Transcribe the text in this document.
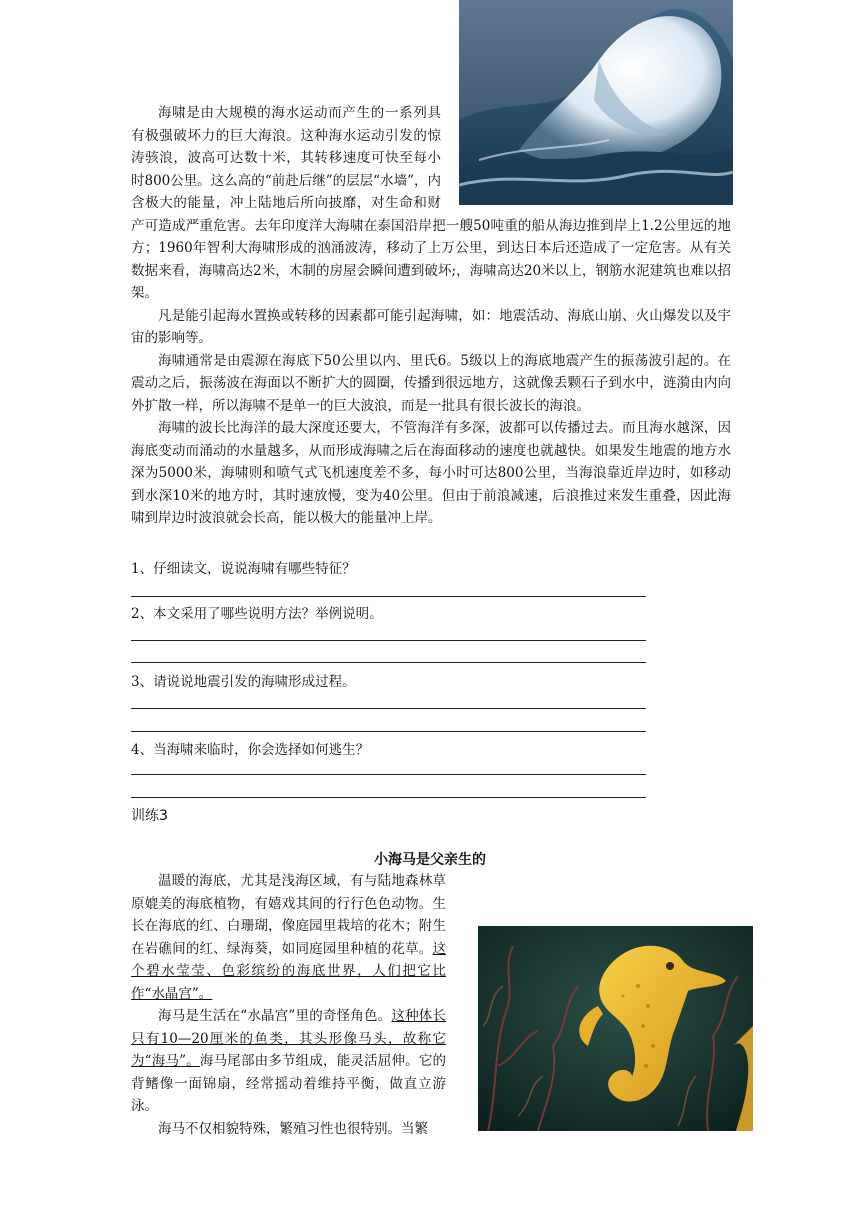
海啸是由大规模的海水运动而产生的一系列具有极强破坏力的巨大海浪。这种海水运动引发的惊涛骇浪，波高可达数十米，其转移速度可快至每小时800公里。这么高的“前赴后继”的层层“水墙”，内含极大的能量，冲上陆地后所向披靡，对生命和财产可造成严重危害。去年印度洋大海啸在泰国沿岸把一艘50吨重的船从海边推到岸上1.2公里远的地方；1960年智利大海啸形成的汹涌波涛，移动了上万公里，到达日本后还造成了一定危害。从有关数据来看，海啸高达2米，木制的房屋会瞬间遭到破坏;，海啸高达20米以上，钢筋水泥建筑也难以招架。

凡是能引起海水置换或转移的因素都可能引起海啸，如：地震活动、海底山崩、火山爆发以及宇宙的影响等。

海啸通常是由震源在海底下50公里以内、里氏6。5级以上的海底地震产生的振荡波引起的。在震动之后，振荡波在海面以不断扩大的圆圈，传播到很远地方，这就像丢颗石子到水中，涟漪由内向外扩散一样，所以海啸不是单一的巨大波浪，而是一批具有很长波长的海浪。

海啸的波长比海洋的最大深度还要大，不管海洋有多深，波都可以传播过去。而且海水越深，因海底变动而涌动的水量越多，从而形成海啸之后在海面移动的速度也就越快。如果发生地震的地方水深为5000米，海啸则和喷气式飞机速度差不多，每小时可达800公里，当海浪靠近岸边时，如移动到水深10米的地方时，其时速放慢，变为40公里。但由于前浪减速，后浪推过来发生重叠，因此海啸到岸边时波浪就会长高，能以极大的能量冲上岸。

1、仔细读文，说说海啸有哪些特征？
2、本文采用了哪些说明方法？举例说明。
3、请说说地震引发的海啸形成过程。
4、当海啸来临时，你会选择如何逃生？
训练3
小海马是父亲生的

温暖的海底，尤其是浅海区域，有与陆地森林草原媲美的海底植物，有嬉戏其间的行行色色动物。生长在海底的红、白珊瑚，像庭园里栽培的花木；附生在岩礁间的红、绿海葵，如同庭园里种植的花草。这个碧水莹莹、色彩缤纷的海底世界，人们把它比作“水晶宫”。

海马是生活在“水晶宫”里的奇怪角色。这种体长只有10—20厘米的鱼类，其头形像马头，故称它为“海马”。海马尾部由多节组成，能灵活屈伸。它的背鳍像一面锦扇，经常摇动着维持平衡，做直立游泳。

海马不仅相貌特殊，繁殖习性也很特别。当繁
